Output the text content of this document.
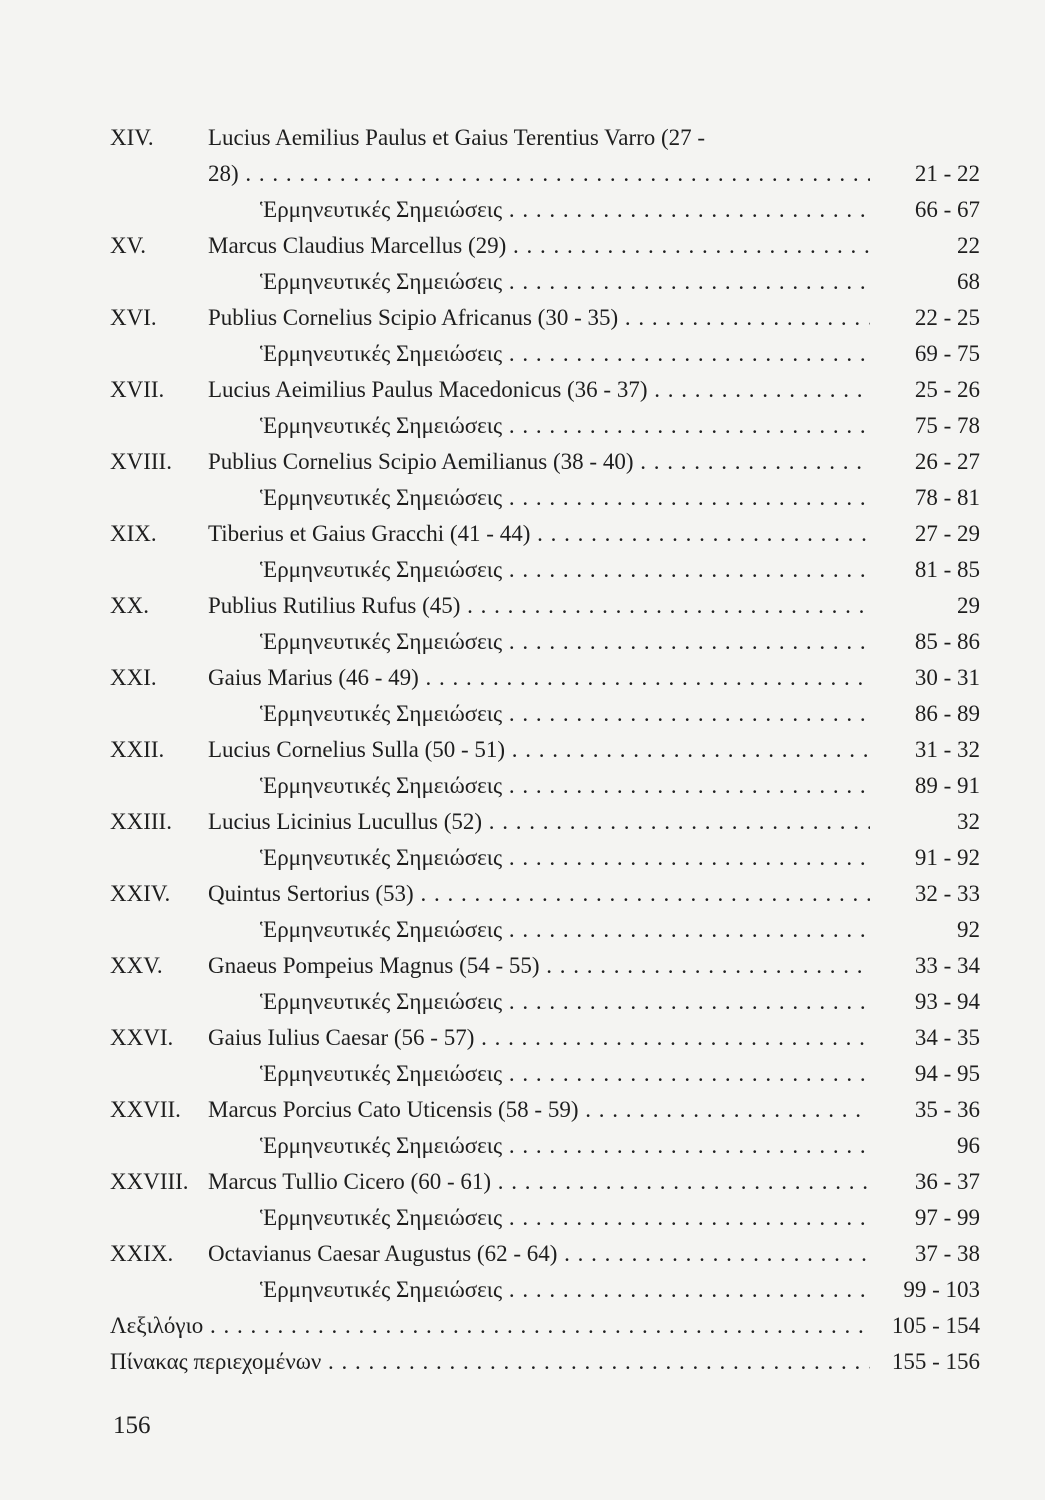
XIV. Lucius Aemilius Paulus et Gaius Terentius Varro (27 -
28) . . .	21 - 22
Ἑρμηνευτικές Σημειώσεις . . .	66 - 67
XV.	Marcus Claudius Marcellus (29) . . .	22
Ἑρμηνευτικές Σημειώσεις . . .	68
XVI. Publius Cornelius Scipio Africanus (30 - 35) . . .	22 - 25
Ἑρμηνευτικές Σημειώσεις . . .	69 - 75
XVII. Lucius Aeimilius Paulus Macedonicus (36 - 37) . . .	25 - 26
Ἑρμηνευτικές Σημειώσεις . . .	75 - 78
XVIII. Publius Cornelius Scipio Aemilianus (38 - 40) . . .	26 - 27
Ἑρμηνευτικές Σημειώσεις . . .	78 - 81
XIX. Tiberius et Gaius Gracchi (41 - 44) . . .	27 - 29
Ἑρμηνευτικές Σημειώσεις . . .	81 - 85
XX.	Publius Rutilius Rufus (45) . . .	29
Ἑρμηνευτικές Σημειώσεις . . .	85 - 86
XXI. Gaius Marius (46 - 49) . . .	30 - 31
Ἑρμηνευτικές Σημειώσεις . . .	86 - 89
XXII. Lucius Cornelius Sulla (50 - 51) . . .	31 - 32
Ἑρμηνευτικές Σημειώσεις . . .	89 - 91
XXIII. Lucius Licinius Lucullus (52) . . .	32
Ἑρμηνευτικές Σημειώσεις . . .	91 - 92
XXIV. Quintus Sertorius (53) . . .	32 - 33
Ἑρμηνευτικές Σημειώσεις . . .	92
XXV. Gnaeus Pompeius Magnus (54 - 55) . . .	33 - 34
Ἑρμηνευτικές Σημειώσεις . . .	93 - 94
XXVI. Gaius Iulius Caesar (56 - 57) . . .	34 - 35
Ἑρμηνευτικές Σημειώσεις . . .	94 - 95
XXVII. Marcus Porcius Cato Uticensis (58 - 59) . . .	35 - 36
Ἑρμηνευτικές Σημειώσεις . . .	96
XXVIII. Marcus Tullio Cicero (60 - 61) . . .	36 - 37
Ἑρμηνευτικές Σημειώσεις . . .	97 - 99
XXIX. Octavianus Caesar Augustus (62 - 64) . . .	37 - 38
Ἑρμηνευτικές Σημειώσεις . . .	99 - 103
Λεξιλόγιο . . .	105 - 154
Πίνακας περιεχομένων . . .	155 - 156
156
